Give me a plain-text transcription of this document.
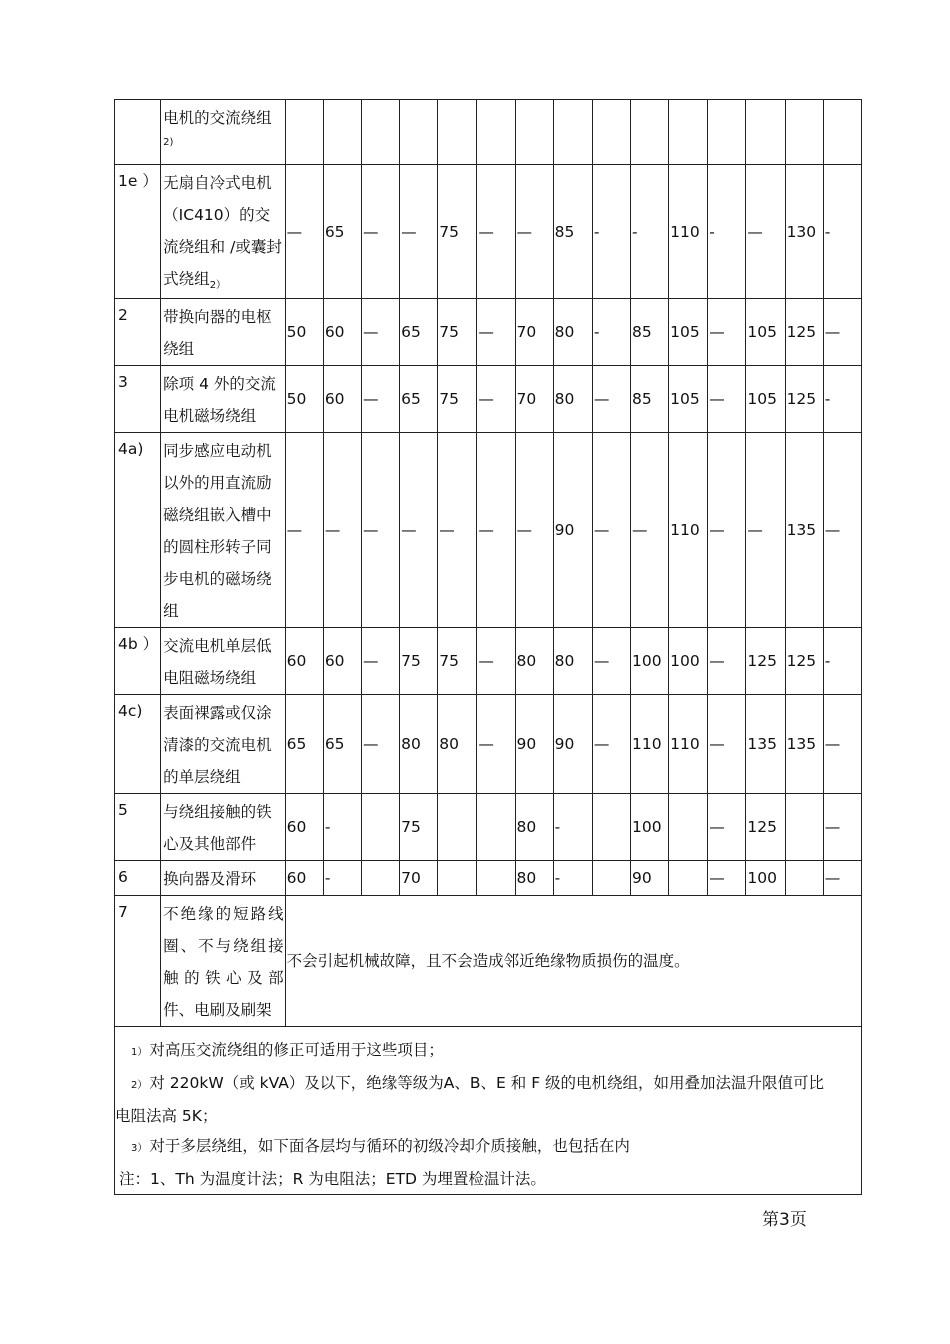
	电机的交流绕组
2)															

1e ）	无扇自冷式电机（IC410）的交流绕组和 /或囊封式绕组$_{2)}$	—	65	—	—	75	—	—	85	-	-	110	-	—	130	-
2	带换向器的电枢绕组	50	60	—	65	75	—	70	80	-	85	105	—	105	125	—
3	除项 4 外的交流电机磁场绕组	50	60	—	65	75	—	70	80	—	85	105	—	105	125	-
4a)	同步感应电动机以外的用直流励磁绕组嵌入槽中的圆柱形转子同步电机的磁场绕组	—	—	—	—	—	—	—	90	—	—	110	—	—	135	—
4b ）	交流电机单层低电阻磁场绕组	60	60	—	75	75	—	80	80	—	100	100	—	125	125	-
4c)	表面裸露或仅涂清漆的交流电机的单层绕组	65	65	—	80	80	—	90	90	—	110	110	—	135	135	—
5	与绕组接触的铁心及其他部件	60	-		75			80	-		100		—	125		—
6	换向器及滑环	60	-		70			80	-		90		—	100		—
7	不绝缘的短路线圈、不与绕组接触 的 铁 心 及 部件、电刷及刷架	不会引起机械故障，且不会造成邻近绝缘物质损伤的温度。														

1） 对高压交流绕组的修正可适用于这些项目；
2） 对 220kW（或 kVA）及以下，绝缘等级为A、B、E 和 F 级的电机绕组，如用叠加法温升限值可比
电阻法高 5K；
3） 对于多层绕组，如下面各层均与循环的初级冷却介质接触，也包括在内
注：1、Th 为温度计法；R 为电阻法；ETD 为埋置检温计法。																
第3页
